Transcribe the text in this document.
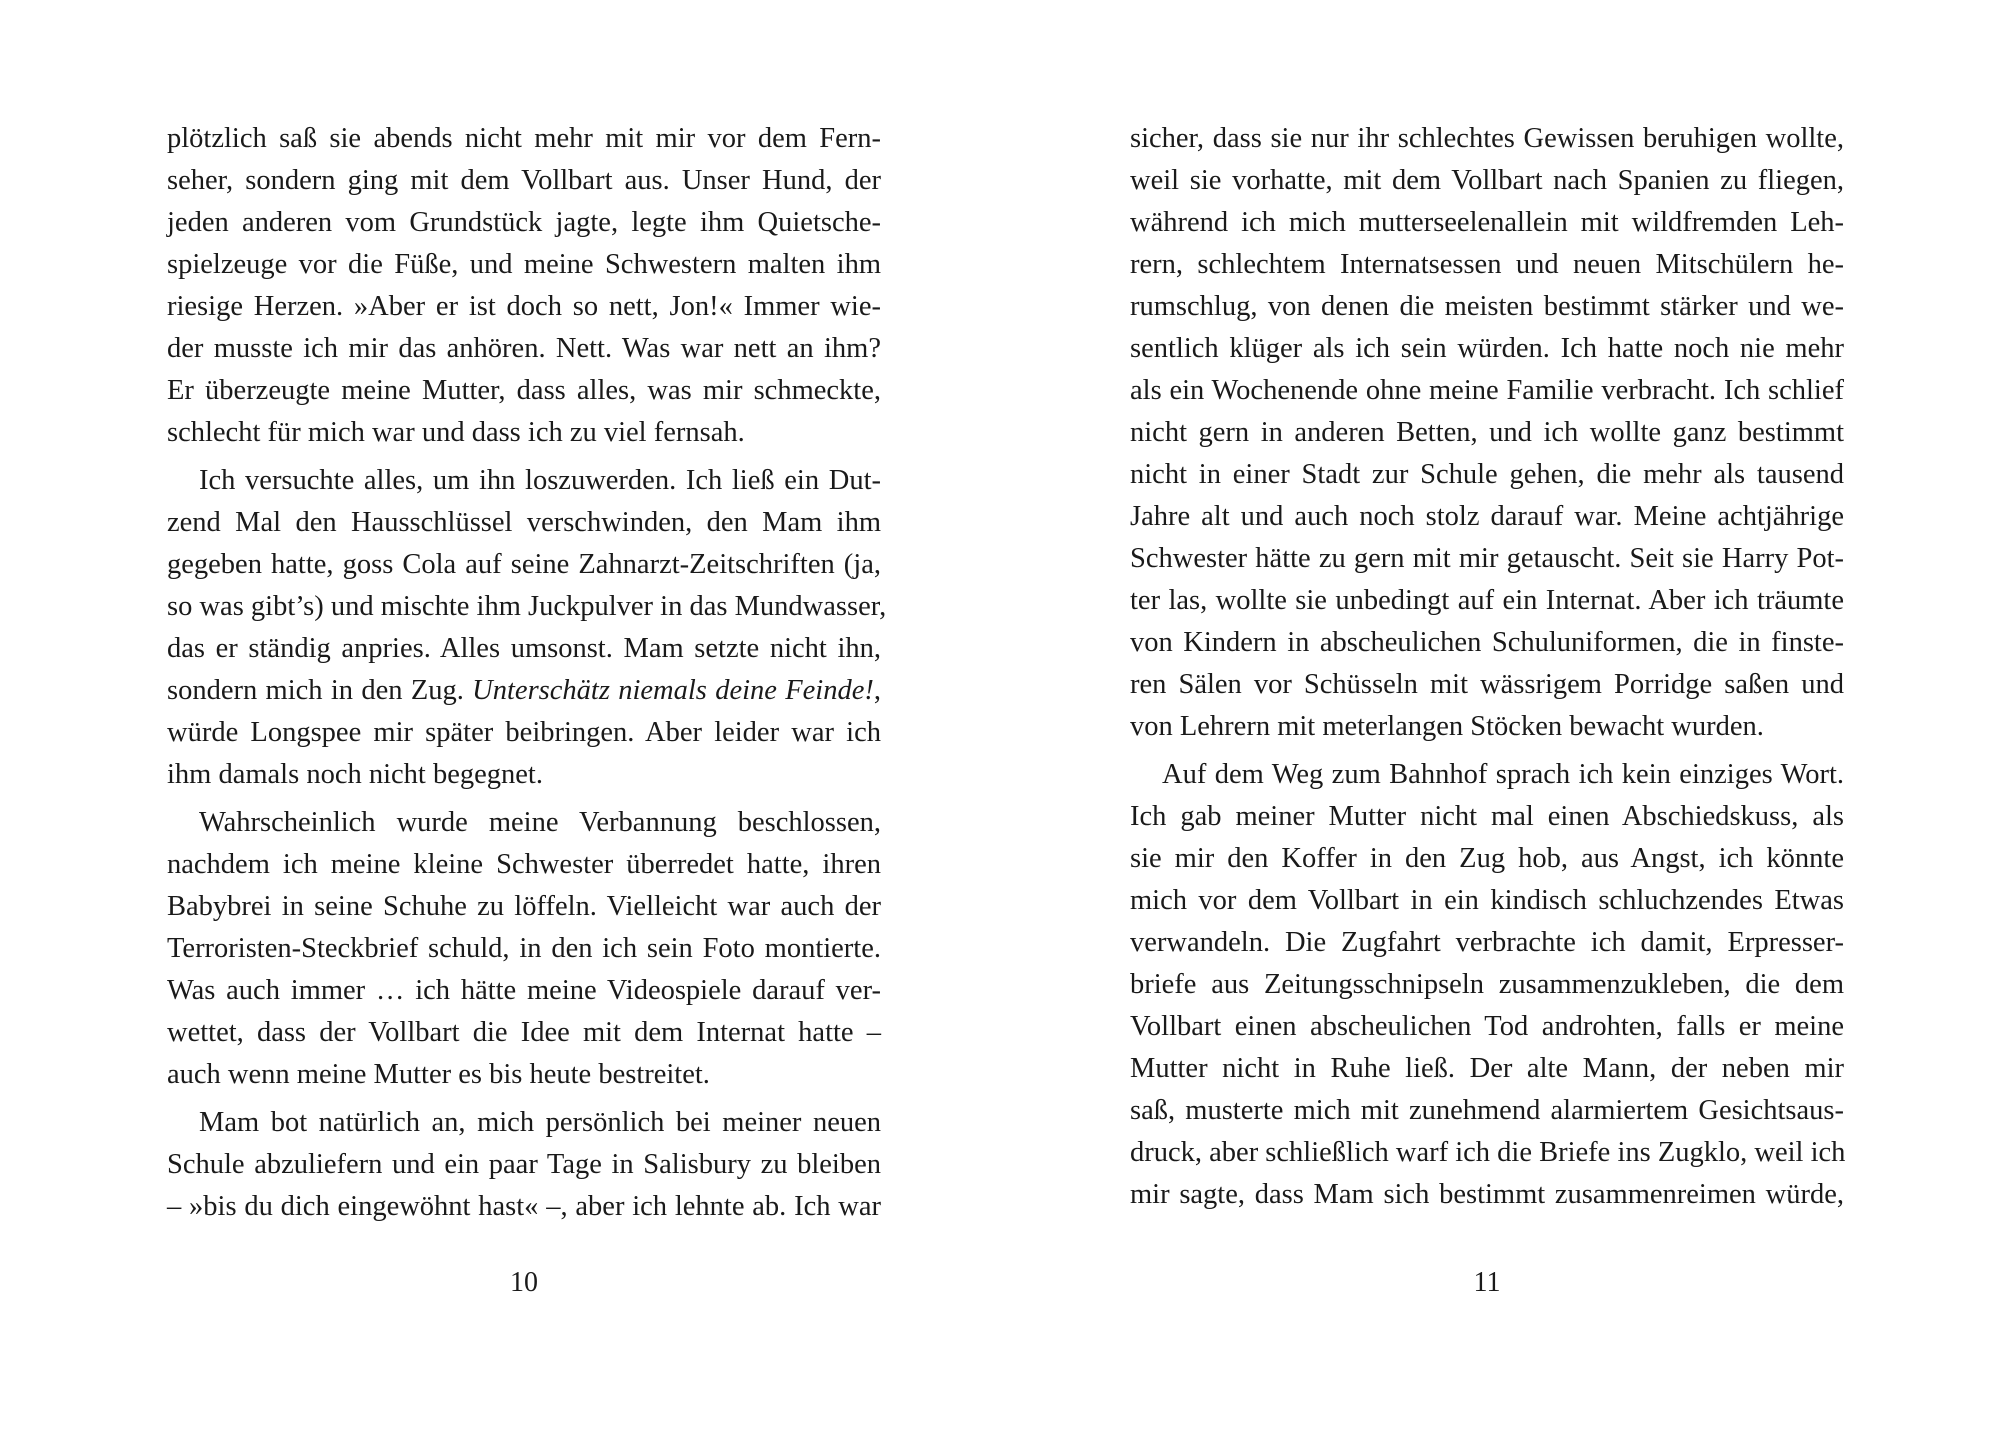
plötzlich saß sie abends nicht mehr mit mir vor dem Fern-
seher, sondern ging mit dem Vollbart aus. Unser Hund, der
jeden anderen vom Grundstück jagte, legte ihm Quietsche-
spielzeuge vor die Füße, und meine Schwestern malten ihm
riesige Herzen. »Aber er ist doch so nett, Jon!« Immer wie-
der musste ich mir das anhören. Nett. Was war nett an ihm?
Er überzeugte meine Mutter, dass alles, was mir schmeckte,
schlecht für mich war und dass ich zu viel fernsah.
Ich versuchte alles, um ihn loszuwerden. Ich ließ ein Dut-
zend Mal den Hausschlüssel verschwinden, den Mam ihm
gegeben hatte, goss Cola auf seine Zahnarzt-Zeitschriften (ja,
so was gibt’s) und mischte ihm Juckpulver in das Mundwasser,
das er ständig anpries. Alles umsonst. Mam setzte nicht ihn,
sondern mich in den Zug. Unterschätz niemals deine Feinde!,
würde Longspee mir später beibringen. Aber leider war ich
ihm damals noch nicht begegnet.
Wahrscheinlich wurde meine Verbannung beschlossen,
nachdem ich meine kleine Schwester überredet hatte, ihren
Babybrei in seine Schuhe zu löffeln. Vielleicht war auch der
Terroristen-Steckbrief schuld, in den ich sein Foto montierte.
Was auch immer … ich hätte meine Videospiele darauf ver-
wettet, dass der Vollbart die Idee mit dem Internat hatte –
auch wenn meine Mutter es bis heute bestreitet.
Mam bot natürlich an, mich persönlich bei meiner neuen
Schule abzuliefern und ein paar Tage in Salisbury zu bleiben
– »bis du dich eingewöhnt hast« –, aber ich lehnte ab. Ich war
10
sicher, dass sie nur ihr schlechtes Gewissen beruhigen wollte,
weil sie vorhatte, mit dem Vollbart nach Spanien zu fliegen,
während ich mich mutterseelenallein mit wildfremden Leh-
rern, schlechtem Internatsessen und neuen Mitschülern he-
rumschlug, von denen die meisten bestimmt stärker und we-
sentlich klüger als ich sein würden. Ich hatte noch nie mehr
als ein Wochenende ohne meine Familie verbracht. Ich schlief
nicht gern in anderen Betten, und ich wollte ganz bestimmt
nicht in einer Stadt zur Schule gehen, die mehr als tausend
Jahre alt und auch noch stolz darauf war. Meine achtjährige
Schwester hätte zu gern mit mir getauscht. Seit sie Harry Pot-
ter las, wollte sie unbedingt auf ein Internat. Aber ich träumte
von Kindern in abscheulichen Schuluniformen, die in finste-
ren Sälen vor Schüsseln mit wässrigem Porridge saßen und
von Lehrern mit meterlangen Stöcken bewacht wurden.
Auf dem Weg zum Bahnhof sprach ich kein einziges Wort.
Ich gab meiner Mutter nicht mal einen Abschiedskuss, als
sie mir den Koffer in den Zug hob, aus Angst, ich könnte
mich vor dem Vollbart in ein kindisch schluchzendes Etwas
verwandeln. Die Zugfahrt verbrachte ich damit, Erpresser-
briefe aus Zeitungsschnipseln zusammenzukleben, die dem
Vollbart einen abscheulichen Tod androhten, falls er meine
Mutter nicht in Ruhe ließ. Der alte Mann, der neben mir
saß, musterte mich mit zunehmend alarmiertem Gesichtsaus-
druck, aber schließlich warf ich die Briefe ins Zugklo, weil ich
mir sagte, dass Mam sich bestimmt zusammenreimen würde,
11
